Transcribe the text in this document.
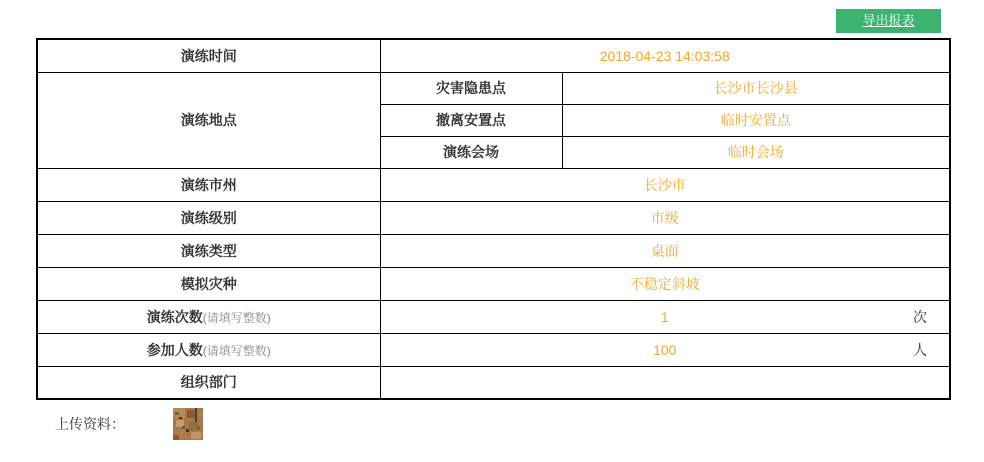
导出报表
演练时间	2018-04-23 14:03:58	
演练地点	灾害隐患点	长沙市长沙县
	撤离安置点	临时安置点
	演练会场	临时会场
演练市州	长沙市	
演练级别	市级	
演练类型	桌面	
模拟灾种	不稳定斜坡	
演练次数(请填写整数)	1 次	

参加人数(请填写整数)	100 人	

组织部门		
上传资料：
